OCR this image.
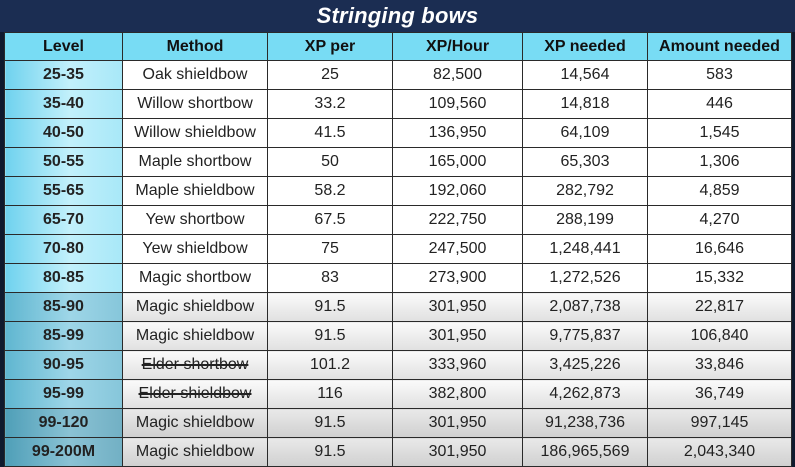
Stringing bows
Level	Method	XP per	XP/Hour	XP needed	Amount needed
25-35	Oak shieldbow	25	82,500	14,564	583
35-40	Willow shortbow	33.2	109,560	14,818	446
40-50	Willow shieldbow	41.5	136,950	64,109	1,545
50-55	Maple shortbow	50	165,000	65,303	1,306
55-65	Maple shieldbow	58.2	192,060	282,792	4,859
65-70	Yew shortbow	67.5	222,750	288,199	4,270
70-80	Yew shieldbow	75	247,500	1,248,441	16,646
80-85	Magic shortbow	83	273,900	1,272,526	15,332
85-90	Magic shieldbow	91.5	301,950	2,087,738	22,817
85-99	Magic shieldbow	91.5	301,950	9,775,837	106,840
90-95	Elder shortbow	101.2	333,960	3,425,226	33,846
95-99	Elder shieldbow	116	382,800	4,262,873	36,749
99-120	Magic shieldbow	91.5	301,950	91,238,736	997,145
99-200M	Magic shieldbow	91.5	301,950	186,965,569	2,043,340
